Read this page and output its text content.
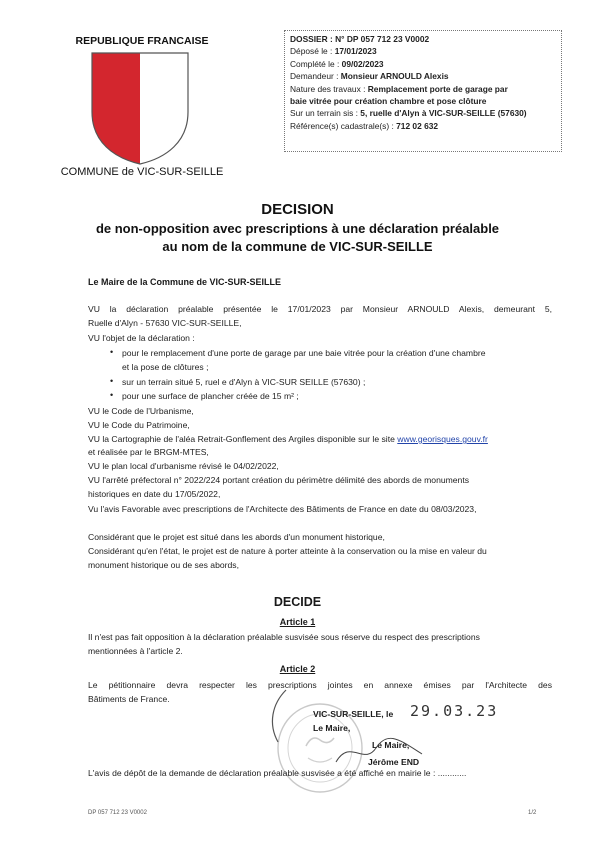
REPUBLIQUE FRANCAISE
COMMUNE de VIC-SUR-SEILLE
DOSSIER : N° DP 057 712 23 V0002
Déposé le : 17/01/2023
Complété le : 09/02/2023
Demandeur : Monsieur ARNOULD Alexis
Nature des travaux : Remplacement porte de garage par
baie vitrée pour création chambre et pose clôture
Sur un terrain sis : 5, ruelle d'Alyn à VIC-SUR-SEILLE (57630)
Référence(s) cadastrale(s) : 712 02 632
DECISION
de non-opposition avec prescriptions à une déclaration préalable
au nom de la commune de VIC-SUR-SEILLE
Le Maire de la Commune de VIC-SUR-SEILLE
VU la déclaration préalable présentée le 17/01/2023 par Monsieur ARNOULD Alexis, demeurant 5,
Ruelle d'Alyn - 57630 VIC-SUR-SEILLE,
VU l'objet de la déclaration :
• pour le remplacement d'une porte de garage par une baie vitrée pour la création d'une chambre
et la pose de clôtures ;
• sur un terrain situé 5, ruel e d'Alyn à VIC-SUR SEILLE (57630) ;
• pour une surface de plancher créée de 15 m² ;
VU le Code de l'Urbanisme,
VU le Code du Patrimoine,
VU la Cartographie de l'aléa Retrait-Gonflement des Argiles disponible sur le site www.georisques.gouv.fr
et réalisée par le BRGM-MTES,
VU le plan local d'urbanisme révisé le 04/02/2022,
VU l'arrêté préfectoral n° 2022/224 portant création du périmètre délimité des abords de monuments
historiques en date du 17/05/2022,
Vu l'avis Favorable avec prescriptions de l'Architecte des Bâtiments de France en date du 08/03/2023,
Considérant que le projet est situé dans les abords d'un monument historique,
Considérant qu'en l'état, le projet est de nature à porter atteinte à la conservation ou la mise en valeur du
monument historique ou de ses abords,
DECIDE
Article 1
Il n'est pas fait opposition à la déclaration préalable susvisée sous réserve du respect des prescriptions
mentionnées à l'article 2.
Article 2
Le pétitionnaire devra respecter les prescriptions jointes en annexe émises par l'Architecte des
Bâtiments de France.
VIC-SUR-SEILLE, le 29.03.23
Le Maire,
Le Maire,
Jérôme END
L'avis de dépôt de la demande de déclaration préalable susvisée a été affiché en mairie le : ............
DP 057 712 23 V0002	1/2
